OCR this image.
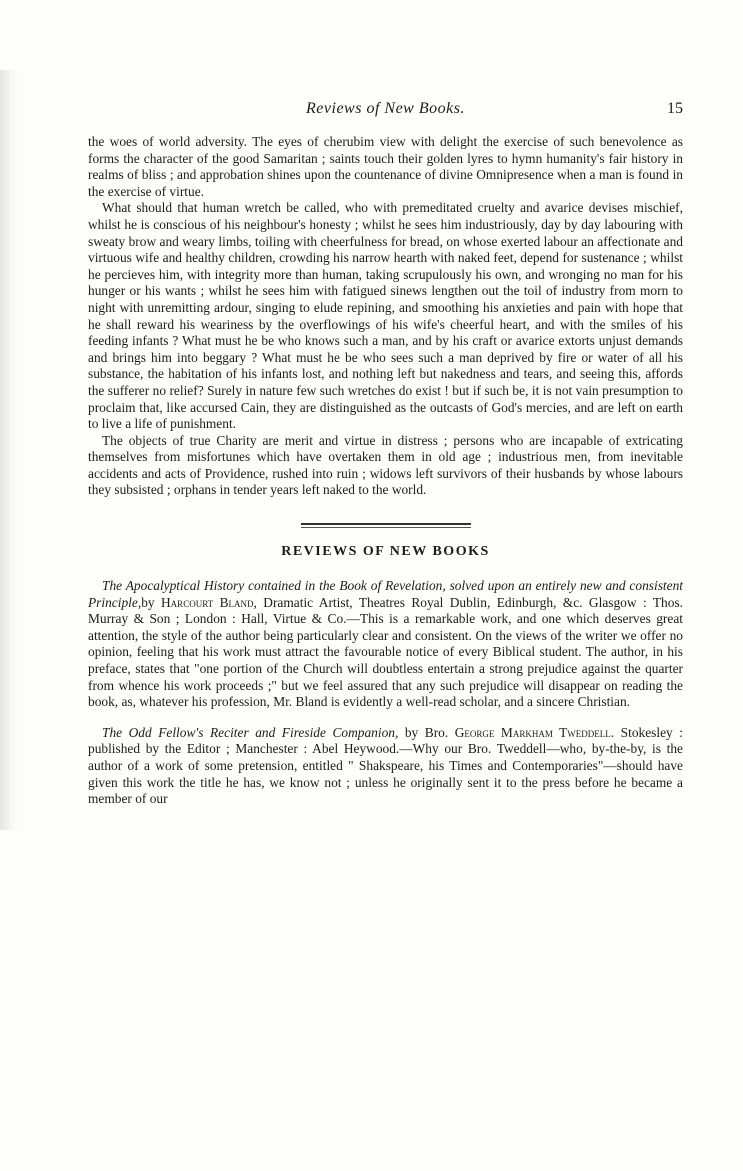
Reviews of New Books.	15

the woes of world adversity. The eyes of cherubim view with delight the exercise of such benevolence as forms the character of the good Samaritan ; saints touch their golden lyres to hymn humanity's fair history in realms of bliss ; and approbation shines upon the countenance of divine Omnipresence when a man is found in the exercise of virtue.

What should that human wretch be called, who with premeditated cruelty and avarice devises mischief, whilst he is conscious of his neighbour's honesty ; whilst he sees him industriously, day by day labouring with sweaty brow and weary limbs, toiling with cheerfulness for bread, on whose exerted labour an affectionate and virtuous wife and healthy children, crowding his narrow hearth with naked feet, depend for sustenance ; whilst he percieves him, with integrity more than human, taking scrupulously his own, and wronging no man for his hunger or his wants ; whilst he sees him with fatigued sinews lengthen out the toil of industry from morn to night with unremitting ardour, singing to elude repining, and smoothing his anxieties and pain with hope that he shall reward his weariness by the overflowings of his wife's cheerful heart, and with the smiles of his feeding infants ? What must he be who knows such a man, and by his craft or avarice extorts unjust demands and brings him into beggary ? What must he be who sees such a man deprived by fire or water of all his substance, the habitation of his infants lost, and nothing left but nakedness and tears, and seeing this, affords the sufferer no relief? Surely in nature few such wretches do exist ! but if such be, it is not vain presumption to proclaim that, like accursed Cain, they are distinguished as the outcasts of God's mercies, and are left on earth to live a life of punishment.

The objects of true Charity are merit and virtue in distress ; persons who are incapable of extricating themselves from misfortunes which have overtaken them in old age ; industrious men, from inevitable accidents and acts of Providence, rushed into ruin ; widows left survivors of their husbands by whose labours they subsisted ; orphans in tender years left naked to the world.

REVIEWS OF NEW BOOKS

The Apocalyptical History contained in the Book of Revelation, solved upon an entirely new and consistent Principle,by Harcourt Bland, Dramatic Artist, Theatres Royal Dublin, Edinburgh, &c. Glasgow : Thos. Murray & Son ; London : Hall, Virtue & Co.—This is a remarkable work, and one which deserves great attention, the style of the author being particularly clear and consistent. On the views of the writer we offer no opinion, feeling that his work must attract the favourable notice of every Biblical student. The author, in his preface, states that "one portion of the Church will doubtless entertain a strong prejudice against the quarter from whence his work proceeds ;" but we feel assured that any such prejudice will disappear on reading the book, as, whatever his profession, Mr. Bland is evidently a well-read scholar, and a sincere Christian.

The Odd Fellow's Reciter and Fireside Companion, by Bro. George Markham Tweddell. Stokesley : published by the Editor ; Manchester : Abel Heywood.—Why our Bro. Tweddell—who, by-the-by, is the author of a work of some pretension, entitled " Shakspeare, his Times and Contemporaries"—should have given this work the title he has, we know not ; unless he originally sent it to the press before he became a member of our
